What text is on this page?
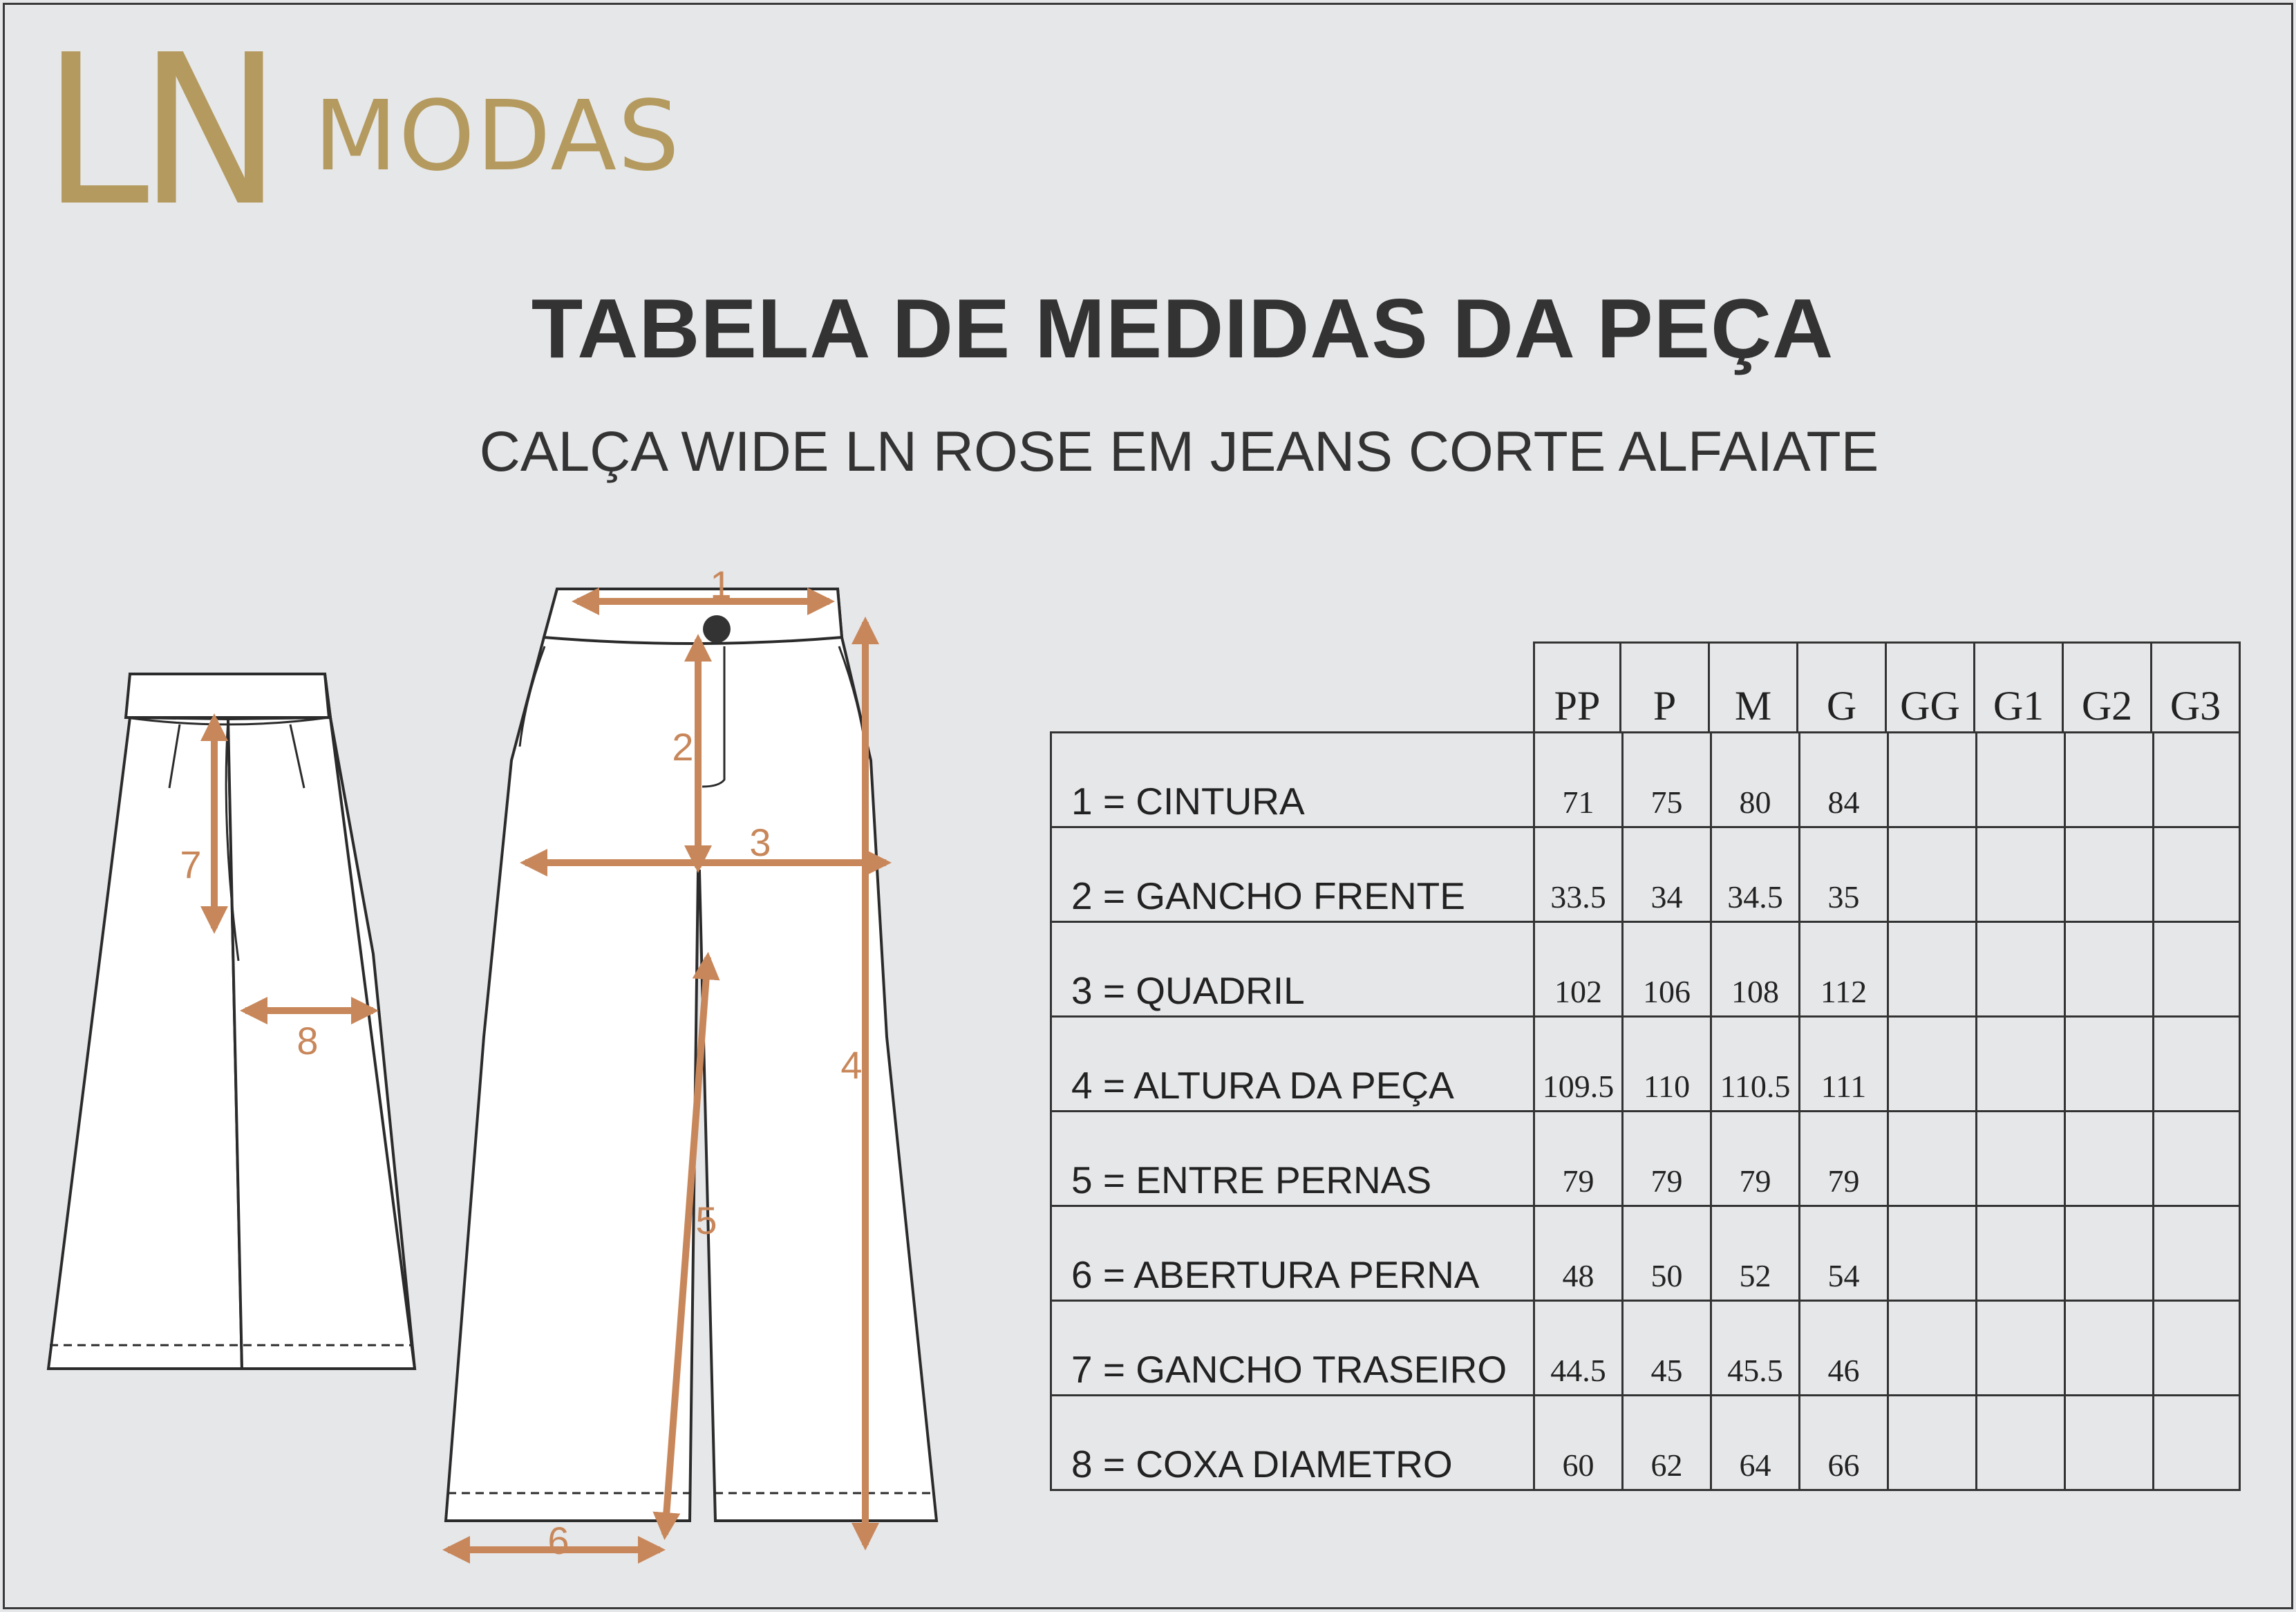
LN MODAS
TABELA DE MEDIDAS DA PEÇA
CALÇA WIDE LN ROSE EM JEANS CORTE ALFAIATE
1
2
3
4
5
6
7
8
PP	P	M	G	GG G1 G2 G3
1 = CINTURA	71	75	80	84
2 = GANCHO FRENTE	33.5	34	34.5	35
3 = QUADRIL	102	106	108	112
4 = ALTURA DA PEÇA	109.5 110 110.5 111
5 = ENTRE PERNAS	79	79	79	79
6 = ABERTURA PERNA	48	50	52	54
7 = GANCHO TRASEIRO	44.5	45	45.5	46
8 = COXA DIAMETRO	60	62	64	66
